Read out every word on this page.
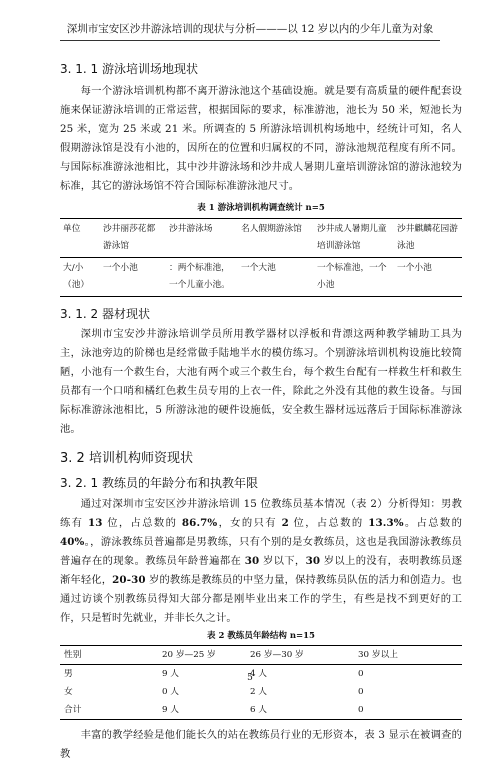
深圳市宝安区沙井游泳培训的现状与分析———以 12 岁以内的少年儿童为对象
3. 1. 1 游泳培训场地现状

每一个游泳培训机构都不离开游泳池这个基础设施。就是要有高质量的硬件配套设施来保证游泳培训的正常运营，根据国际的要求，标准游池，池长为 50 米，短池长为 25 米，宽为 25 米或 21 米。所调查的 5 所游泳培训机构场地中，经统计可知，名人假期游泳馆是没有小池的，因所在的位置和归属权的不同，游泳池规范程度有所不同。与国际标准游泳池相比，其中沙井游泳场和沙井成人暑期儿童培训游泳馆的游泳池较为标准，其它的游泳场馆不符合国际标准游泳池尺寸。

表 1 游泳培训机构调查统计 n=5

单位	沙井丽莎花都游泳馆	沙井游泳场	名人假期游泳馆	沙井成人暑期儿童培训游泳馆	沙井麒麟花园游泳池
大/小（池）	一个小池	：两个标准池，一个儿童小池。	一个大池	一个标准池，一个小池	一个小池
3. 1. 2 器材现状

深圳市宝安沙井游泳培训学员所用教学器材以浮板和背漂这两种教学辅助工具为主，泳池旁边的阶梯也是经常做手陆地半水的模仿练习。个别游泳培训机构设施比较简陋，小池有一个救生台，大池有两个或三个救生台，每个救生台配有一样救生杆和救生员都有一个口哨和橘红色救生员专用的上衣一件，除此之外没有其他的救生设备。与国际标准游泳池相比，5 所游泳池的硬件设施低，安全救生器材远远落后于国际标准游泳池。

3. 2 培训机构师资现状
3. 2. 1 教练员的年龄分布和执教年限

通过对深圳市宝安区沙井游泳培训 15 位教练员基本情况（表 2）分析得知：男教练有 13 位，占总数的 86.7%，女的只有 2 位，占总数的 13.3%。占总数的 40%。，游泳教练员普遍都是男教练，只有个别的是女教练员，这也是我国游泳教练员普遍存在的现象。教练员年龄普遍都在 30 岁以下，30 岁以上的没有，表明教练员逐渐年轻化，20-30 岁的教练是教练员的中坚力量，保持教练员队伍的活力和创造力。也通过访谈个别教练员得知大部分都是刚毕业出来工作的学生，有些是找不到更好的工作，只是暂时先就业，并非长久之计。

表 2 教练员年龄结构 n=15

性别	20 岁—25 岁	26 岁—30 岁	30 岁以上
男	9 人	4 人	0
女	0 人	2 人	0
合计	9 人	6 人	0

丰富的教学经验是他们能长久的站在教练员行业的无形资本，表 3 显示在被调查的教

5
